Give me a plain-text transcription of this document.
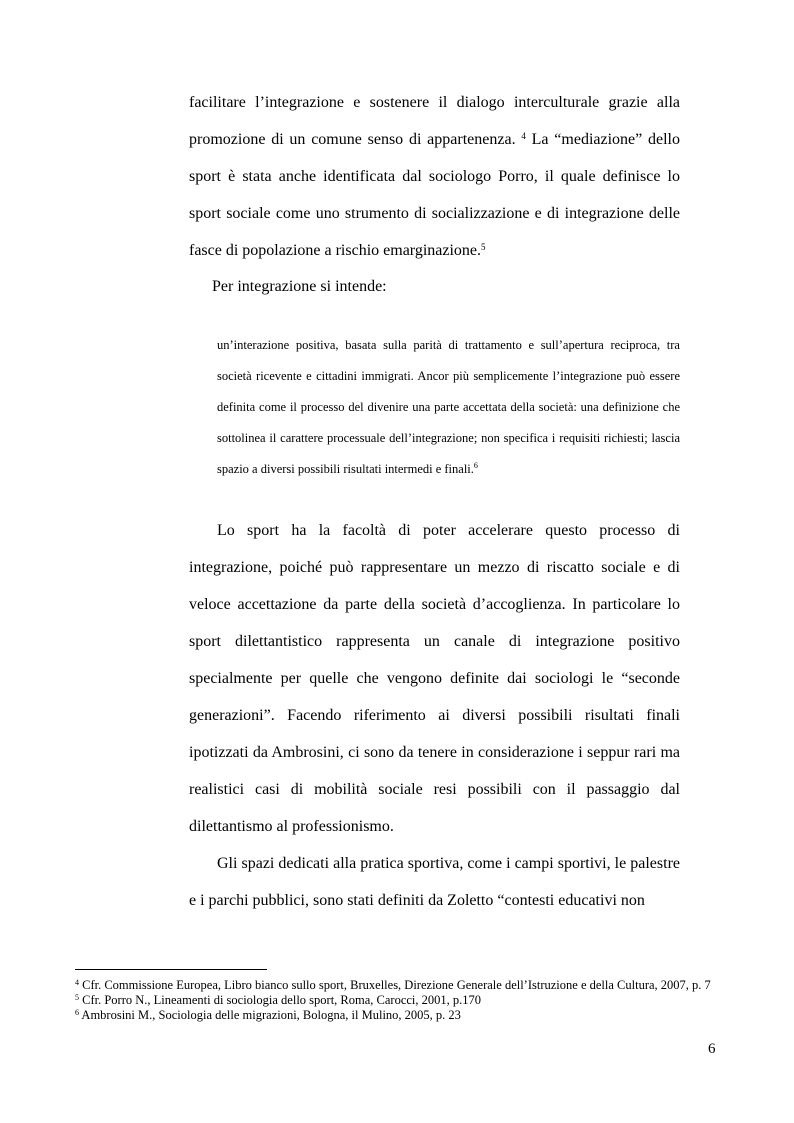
facilitare l’integrazione e sostenere il dialogo interculturale grazie alla promozione di un comune senso di appartenenza. $^4$ La “mediazione” dello sport è stata anche identificata dal sociologo Porro, il quale definisce lo sport sociale come uno strumento di socializzazione e di integrazione delle fasce di popolazione a rischio emarginazione.$^5$

Per integrazione si intende:

un’interazione positiva, basata sulla parità di trattamento e sull’apertura reciproca, tra società ricevente e cittadini immigrati. Ancor più semplicemente l’integrazione può essere definita come il processo del divenire una parte accettata della società: una definizione che sottolinea il carattere processuale dell’integrazione; non specifica i requisiti richiesti; lascia spazio a diversi possibili risultati intermedi e finali.$^6$

Lo sport ha la facoltà di poter accelerare questo processo di integrazione, poiché può rappresentare un mezzo di riscatto sociale e di veloce accettazione da parte della società d’accoglienza. In particolare lo sport dilettantistico rappresenta un canale di integrazione positivo specialmente per quelle che vengono definite dai sociologi le “seconde generazioni”. Facendo riferimento ai diversi possibili risultati finali ipotizzati da Ambrosini, ci sono da tenere in considerazione i seppur rari ma realistici casi di mobilità sociale resi possibili con il passaggio dal dilettantismo al professionismo.

Gli spazi dedicati alla pratica sportiva, come i campi sportivi, le palestre e i parchi pubblici, sono stati definiti da Zoletto “contesti educativi non

$^4$ Cfr. Commissione Europea, Libro bianco sullo sport, Bruxelles, Direzione Generale dell’Istruzione e della Cultura, 2007, p. 7

$^5$ Cfr. Porro N., Lineamenti di sociologia dello sport, Roma, Carocci, 2001, p.170

$^6$ Ambrosini M., Sociologia delle migrazioni, Bologna, il Mulino, 2005, p. 23

6
